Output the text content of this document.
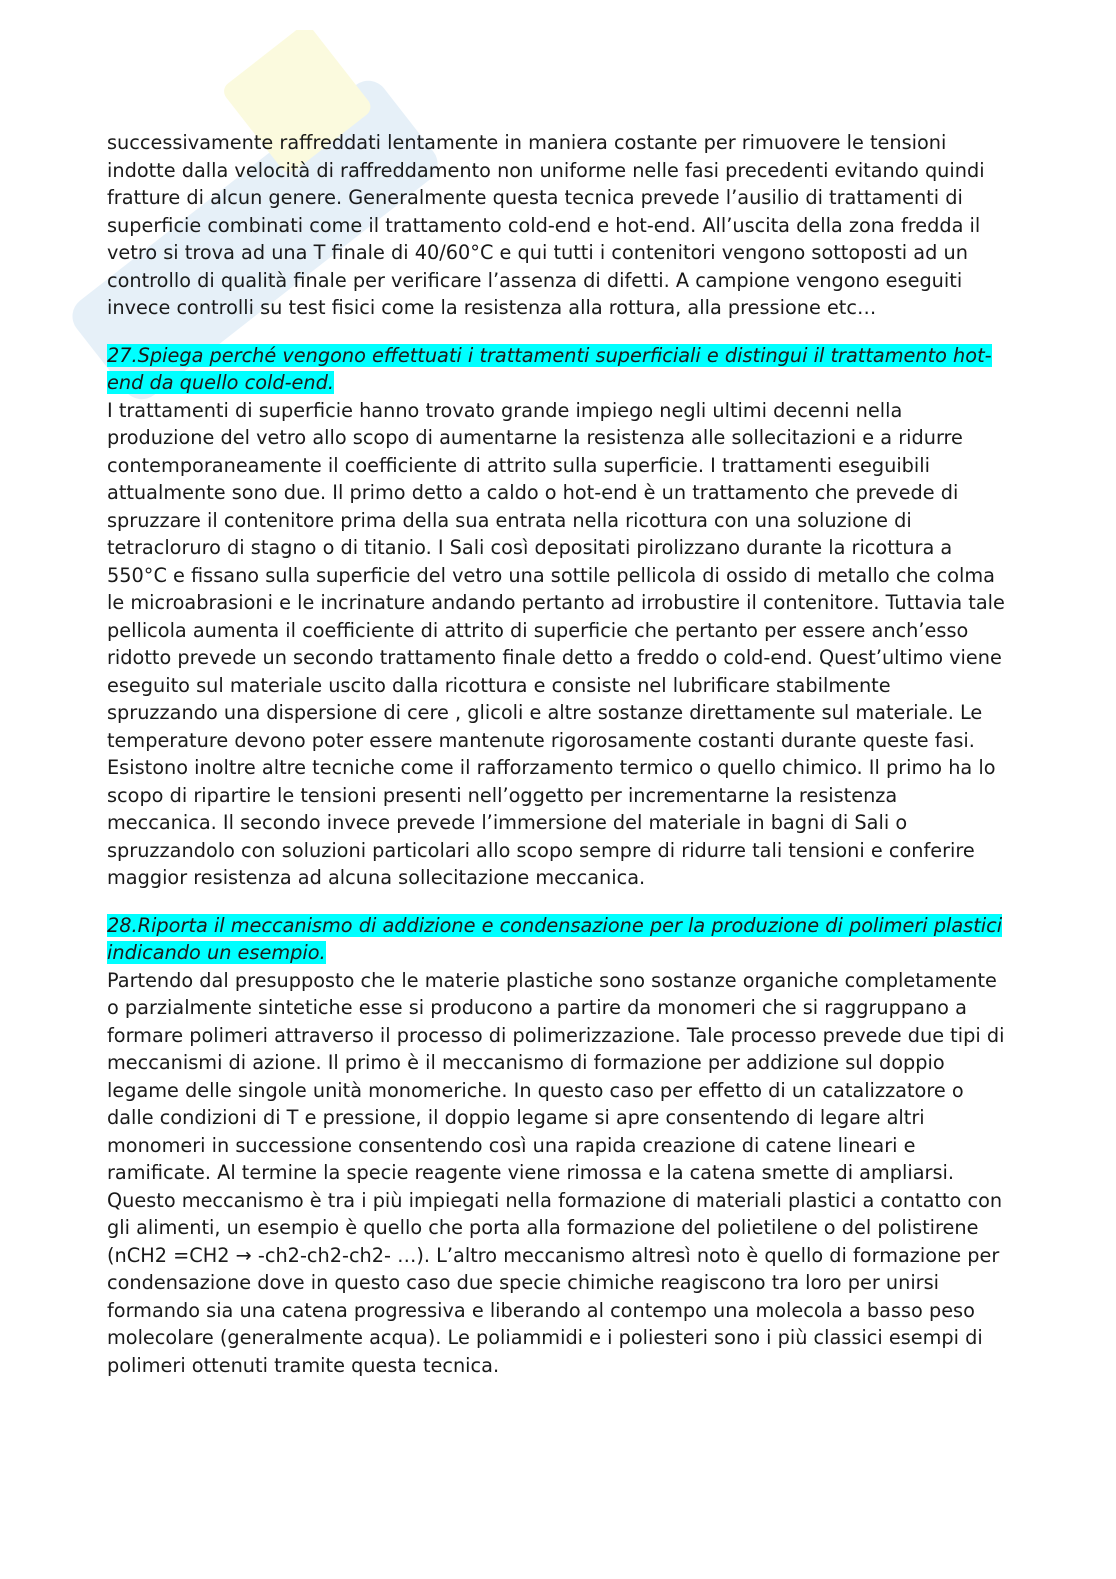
successivamente raffreddati lentamente in maniera costante per rimuovere le tensioni indotte dalla velocità di raffreddamento non uniforme nelle fasi precedenti evitando quindi fratture di alcun genere. Generalmente questa tecnica prevede l’ausilio di trattamenti di superficie combinati come il trattamento cold-end e hot-end. All’uscita della zona fredda il vetro si trova ad una T finale di 40/60°C e qui tutti i contenitori vengono sottoposti ad un controllo di qualità finale per verificare l’assenza di difetti. A campione vengono eseguiti invece controlli su test fisici come la resistenza alla rottura, alla pressione etc…

27.Spiega perché vengono effettuati i trattamenti superficiali e distingui il trattamento hot-end da quello cold-end.

I trattamenti di superficie hanno trovato grande impiego negli ultimi decenni nella produzione del vetro allo scopo di aumentarne la resistenza alle sollecitazioni e a ridurre contemporaneamente il coefficiente di attrito sulla superficie. I trattamenti eseguibili attualmente sono due. Il primo detto a caldo o hot-end è un trattamento che prevede di spruzzare il contenitore prima della sua entrata nella ricottura con una soluzione di tetracloruro di stagno o di titanio. I Sali così depositati pirolizzano durante la ricottura a 550°C e fissano sulla superficie del vetro una sottile pellicola di ossido di metallo che colma le microabrasioni e le incrinature andando pertanto ad irrobustire il contenitore. Tuttavia tale pellicola aumenta il coefficiente di attrito di superficie che pertanto per essere anch’esso ridotto prevede un secondo trattamento finale detto a freddo o cold-end. Quest’ultimo viene eseguito sul materiale uscito dalla ricottura e consiste nel lubrificare stabilmente spruzzando una dispersione di cere , glicoli e altre sostanze direttamente sul materiale. Le temperature devono poter essere mantenute rigorosamente costanti durante queste fasi. Esistono inoltre altre tecniche come il rafforzamento termico o quello chimico. Il primo ha lo scopo di ripartire le tensioni presenti nell’oggetto per incrementarne la resistenza meccanica. Il secondo invece prevede l’immersione del materiale in bagni di Sali o spruzzandolo con soluzioni particolari allo scopo sempre di ridurre tali tensioni e conferire maggior resistenza ad alcuna sollecitazione meccanica.

28.Riporta il meccanismo di addizione e condensazione per la produzione di polimeri plastici indicando un esempio.

Partendo dal presupposto che le materie plastiche sono sostanze organiche completamente o parzialmente sintetiche esse si producono a partire da monomeri che si raggruppano a formare polimeri attraverso il processo di polimerizzazione. Tale processo prevede due tipi di meccanismi di azione. Il primo è il meccanismo di formazione per addizione sul doppio legame delle singole unità monomeriche. In questo caso per effetto di un catalizzatore o dalle condizioni di T e pressione, il doppio legame si apre consentendo di legare altri monomeri in successione consentendo così una rapida creazione di catene lineari e ramificate. Al termine la specie reagente viene rimossa e la catena smette di ampliarsi. Questo meccanismo è tra i più impiegati nella formazione di materiali plastici a contatto con gli alimenti, un esempio è quello che porta alla formazione del polietilene o del polistirene (nCH2 =CH2 → -ch2-ch2-ch2- …). L’altro meccanismo altresì noto è quello di formazione per condensazione dove in questo caso due specie chimiche reagiscono tra loro per unirsi formando sia una catena progressiva e liberando al contempo una molecola a basso peso molecolare (generalmente acqua). Le poliammidi e i poliesteri sono i più classici esempi di polimeri ottenuti tramite questa tecnica.
